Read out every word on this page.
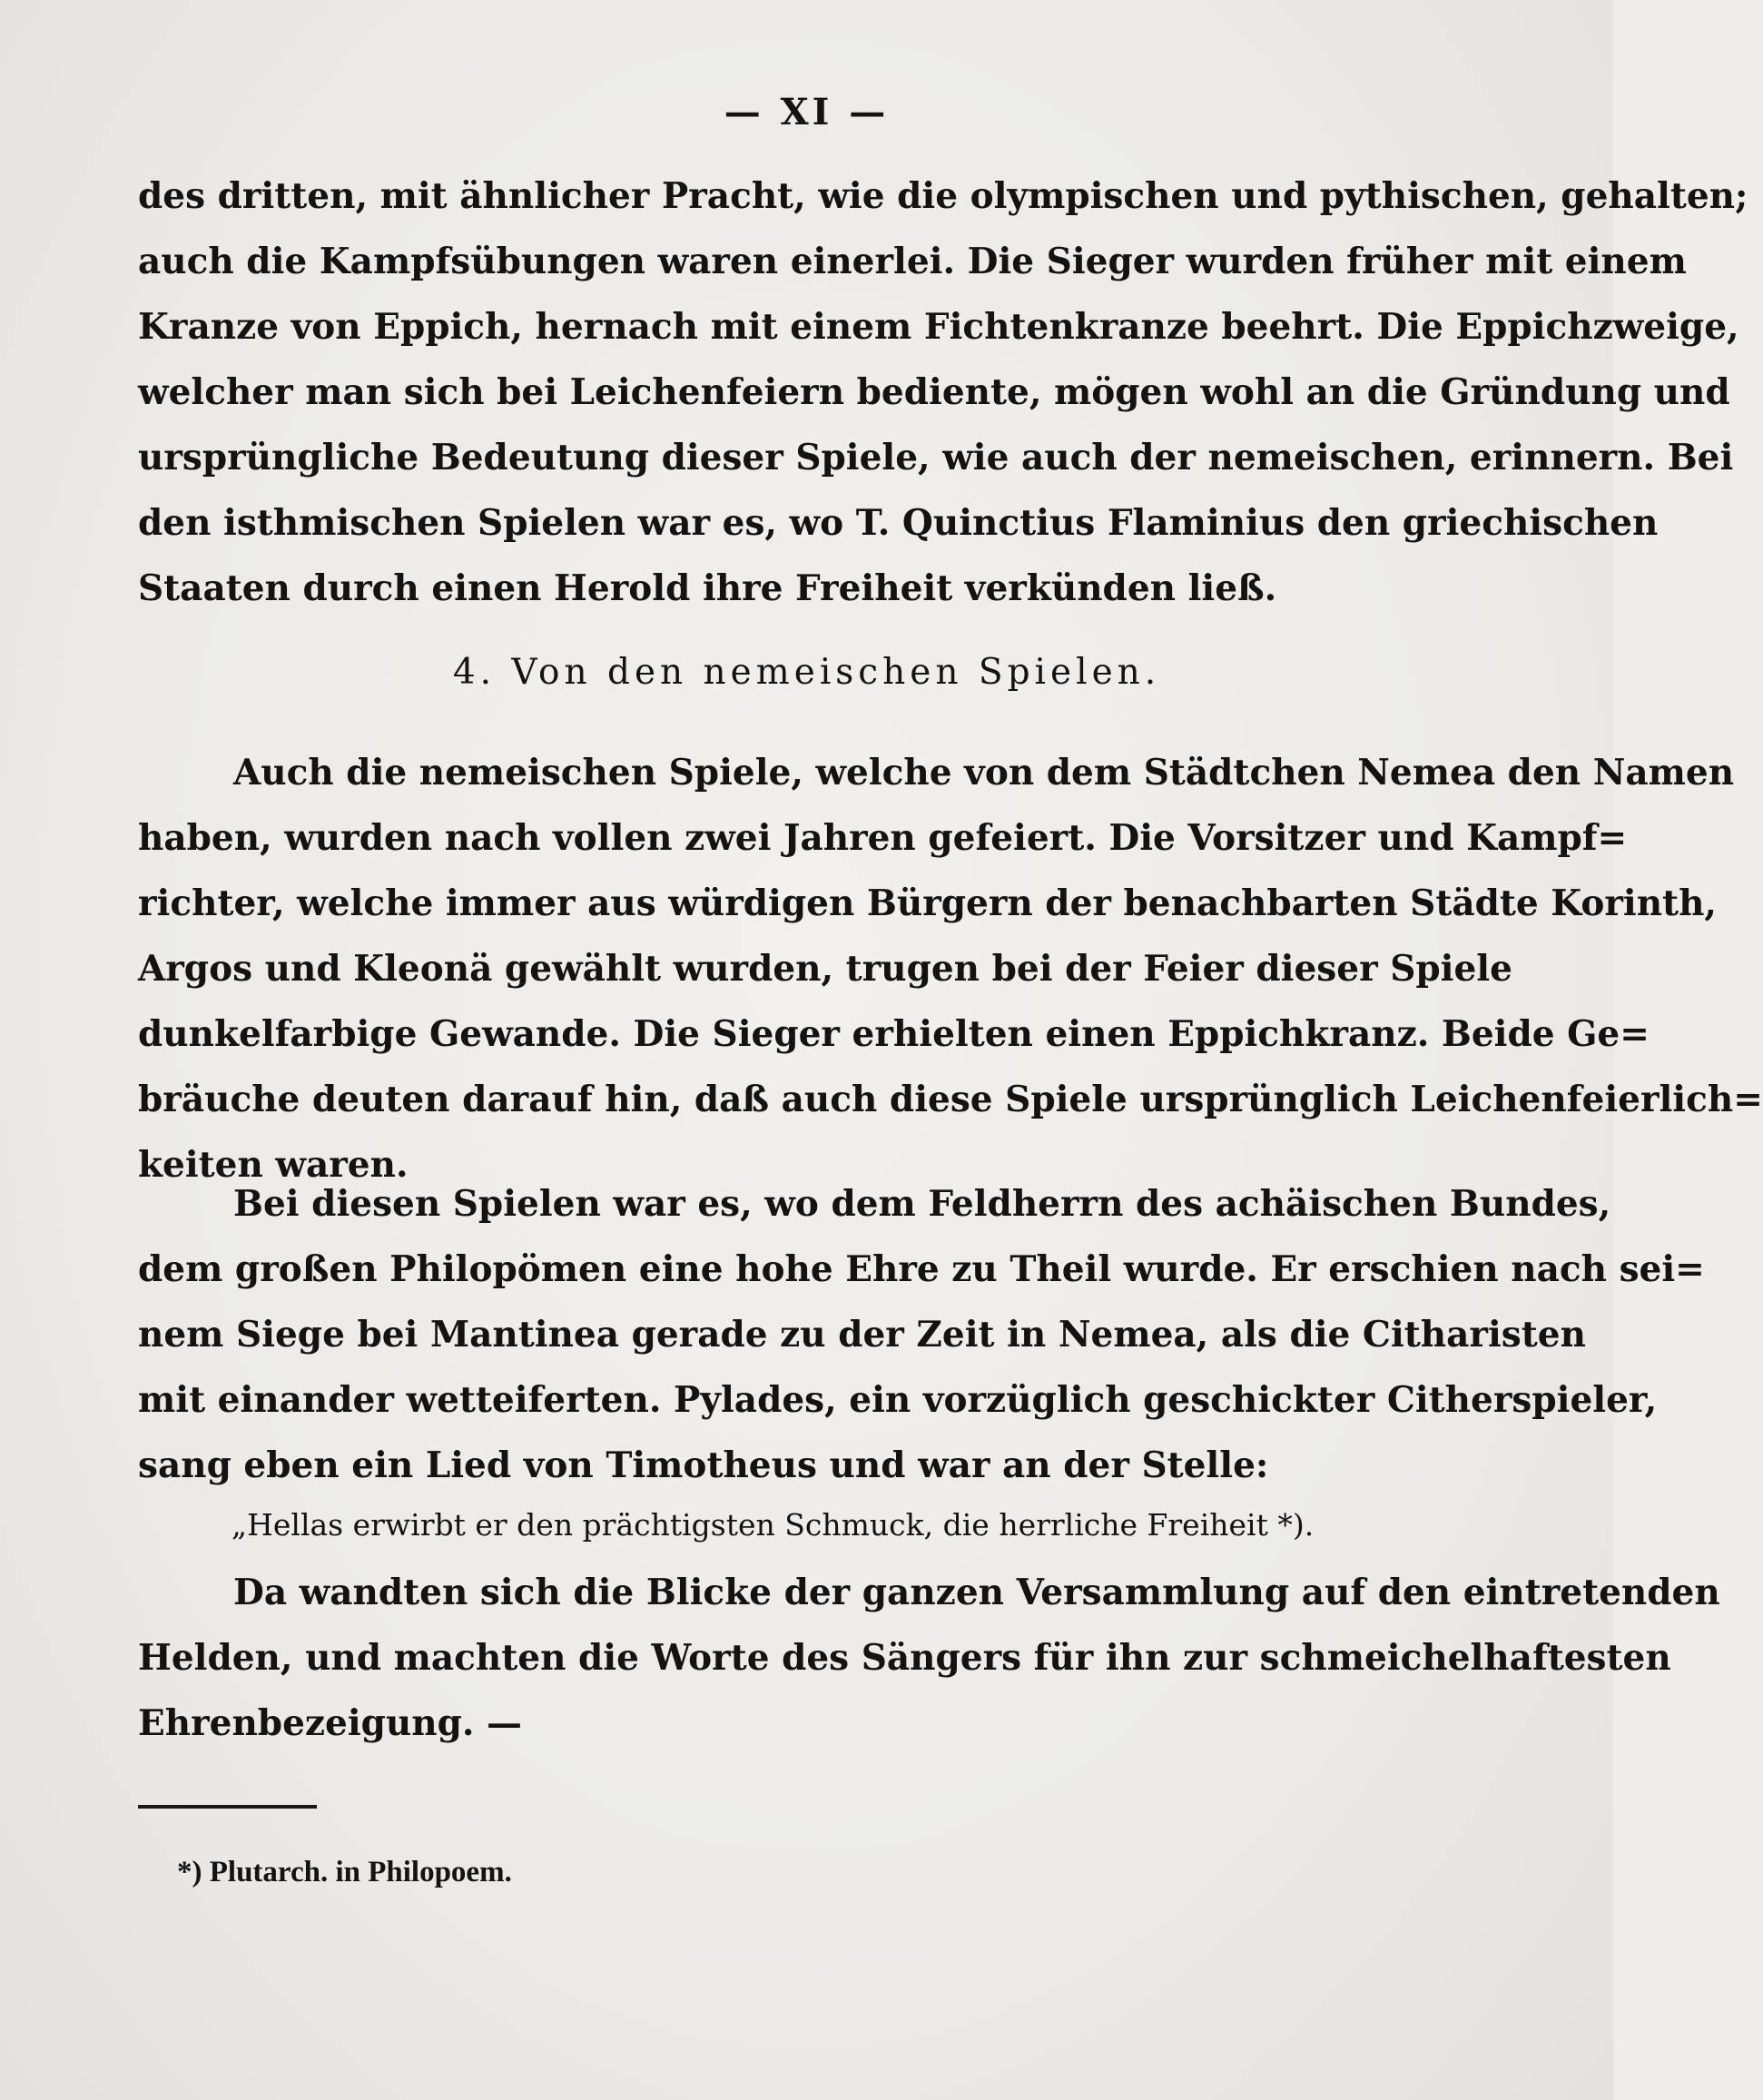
— XI —
des dritten, mit ähnlicher Pracht, wie die olympischen und pythischen, gehalten;
auch die Kampfsübungen waren einerlei. Die Sieger wurden früher mit einem
Kranze von Eppich, hernach mit einem Fichtenkranze beehrt. Die Eppichzweige,
welcher man sich bei Leichenfeiern bediente, mögen wohl an die Gründung und
ursprüngliche Bedeutung dieser Spiele, wie auch der nemeischen, erinnern. Bei
den isthmischen Spielen war es, wo T. Quinctius Flaminius den griechischen
Staaten durch einen Herold ihre Freiheit verkünden ließ.
4. Von den nemeischen Spielen.
Auch die nemeischen Spiele, welche von dem Städtchen Nemea den Namen
haben, wurden nach vollen zwei Jahren gefeiert. Die Vorsitzer und Kampf=
richter, welche immer aus würdigen Bürgern der benachbarten Städte Korinth,
Argos und Kleonä gewählt wurden, trugen bei der Feier dieser Spiele
dunkelfarbige Gewande. Die Sieger erhielten einen Eppichkranz. Beide Ge=
bräuche deuten darauf hin, daß auch diese Spiele ursprünglich Leichenfeierlich=
keiten waren.
Bei diesen Spielen war es, wo dem Feldherrn des achäischen Bundes,
dem großen Philopömen eine hohe Ehre zu Theil wurde. Er erschien nach sei=
nem Siege bei Mantinea gerade zu der Zeit in Nemea, als die Citharisten
mit einander wetteiferten. Pylades, ein vorzüglich geschickter Citherspieler,
sang eben ein Lied von Timotheus und war an der Stelle:
„Hellas erwirbt er den prächtigsten Schmuck, die herrliche Freiheit *).
Da wandten sich die Blicke der ganzen Versammlung auf den eintretenden
Helden, und machten die Worte des Sängers für ihn zur schmeichelhaftesten
Ehrenbezeigung. —
*) Plutarch. in Philopoem.
